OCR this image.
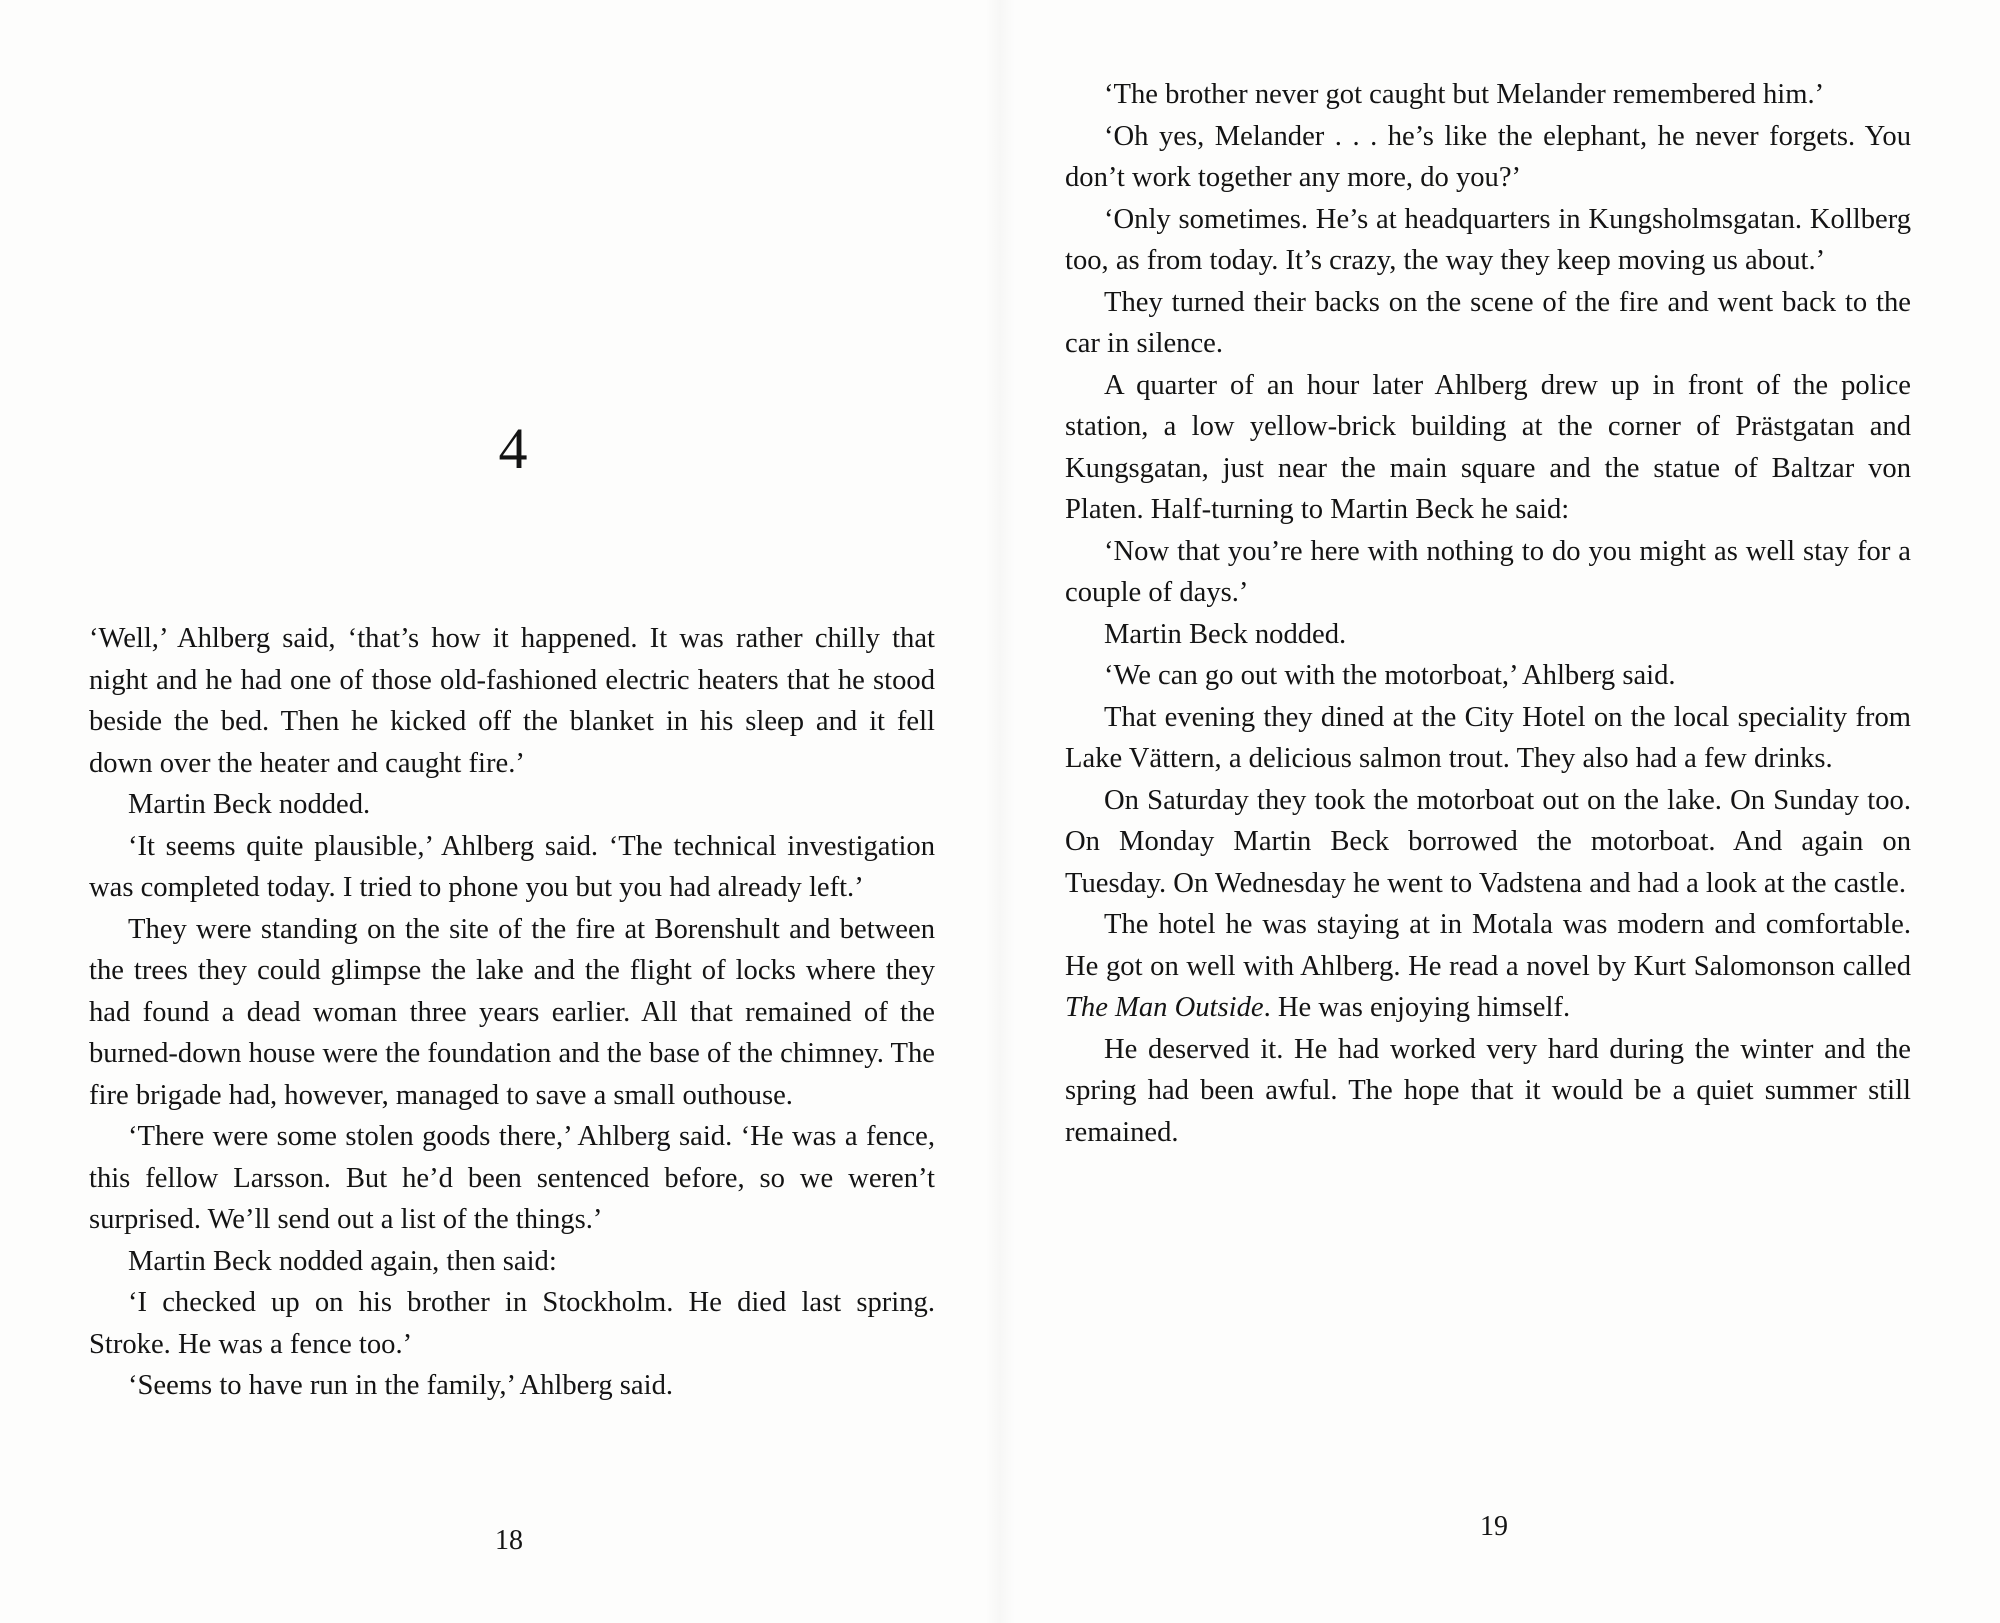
4

‘Well,’ Ahlberg said, ‘that’s how it happened. It was rather chilly that night and he had one of those old-fashioned electric heaters that he stood beside the bed. Then he kicked off the blanket in his sleep and it fell down over the heater and caught fire.’

Martin Beck nodded.

‘It seems quite plausible,’ Ahlberg said. ‘The technical investigation was completed today. I tried to phone you but you had already left.’

They were standing on the site of the fire at Borenshult and between the trees they could glimpse the lake and the flight of locks where they had found a dead woman three years earlier. All that remained of the burned-down house were the foundation and the base of the chimney. The fire brigade had, however, managed to save a small outhouse.

‘There were some stolen goods there,’ Ahlberg said. ‘He was a fence, this fellow Larsson. But he’d been sentenced before, so we weren’t surprised. We’ll send out a list of the things.’

Martin Beck nodded again, then said:

‘I checked up on his brother in Stockholm. He died last spring. Stroke. He was a fence too.’

‘Seems to have run in the family,’ Ahlberg said.

18

‘The brother never got caught but Melander remembered him.’

‘Oh yes, Melander . . . he’s like the elephant, he never forgets. You don’t work together any more, do you?’

‘Only sometimes. He’s at headquarters in Kungsholmsgatan. Kollberg too, as from today. It’s crazy, the way they keep moving us about.’

They turned their backs on the scene of the fire and went back to the car in silence.

A quarter of an hour later Ahlberg drew up in front of the police station, a low yellow-brick building at the corner of Prästgatan and Kungsgatan, just near the main square and the statue of Baltzar von Platen. Half-turning to Martin Beck he said:

‘Now that you’re here with nothing to do you might as well stay for a couple of days.’

Martin Beck nodded.

‘We can go out with the motorboat,’ Ahlberg said.

That evening they dined at the City Hotel on the local speciality from Lake Vättern, a delicious salmon trout. They also had a few drinks.

On Saturday they took the motorboat out on the lake. On Sunday too. On Monday Martin Beck borrowed the motorboat. And again on Tuesday. On Wednesday he went to Vadstena and had a look at the castle.

The hotel he was staying at in Motala was modern and comfortable. He got on well with Ahlberg. He read a novel by Kurt Salomonson called The Man Outside. He was enjoying himself.

He deserved it. He had worked very hard during the winter and the spring had been awful. The hope that it would be a quiet summer still remained.

19
